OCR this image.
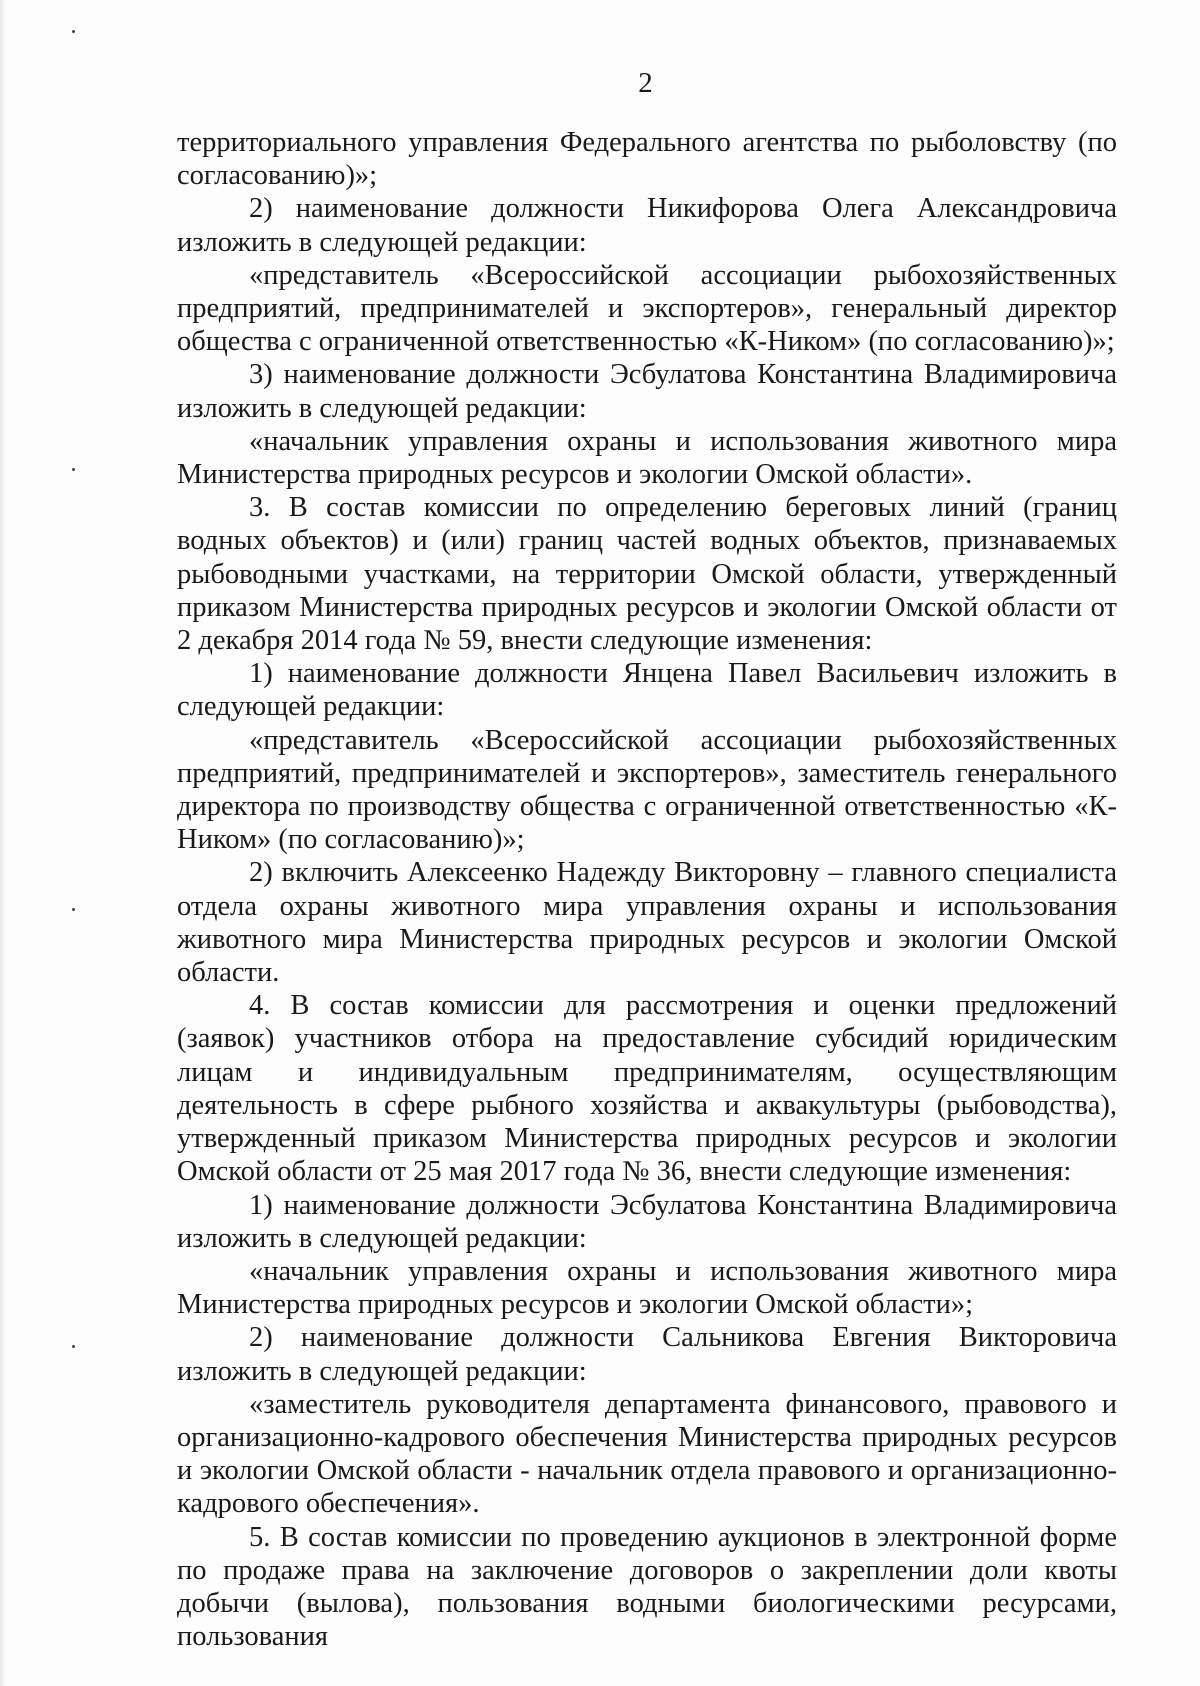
2

территориального управления Федерального агентства по рыболовству (по согласованию)»;

2) наименование должности Никифорова Олега Александровича изложить в следующей редакции:

«представитель «Всероссийской ассоциации рыбохозяйственных предприятий, предпринимателей и экспортеров», генеральный директор общества с ограниченной ответственностью «К-Ником» (по согласованию)»;

3) наименование должности Эсбулатова Константина Владимировича изложить в следующей редакции:

«начальник управления охраны и использования животного мира Министерства природных ресурсов и экологии Омской области».

3. В состав комиссии по определению береговых линий (границ водных объектов) и (или) границ частей водных объектов, признаваемых рыбоводными участками, на территории Омской области, утвержденный приказом Министерства природных ресурсов и экологии Омской области от 2 декабря 2014 года № 59, внести следующие изменения:

1) наименование должности Янцена Павел Васильевич изложить в следующей редакции:

«представитель «Всероссийской ассоциации рыбохозяйственных предприятий, предпринимателей и экспортеров», заместитель генерального директора по производству общества с ограниченной ответственностью «К-Ником» (по согласованию)»;

2) включить Алексеенко Надежду Викторовну – главного специалиста отдела охраны животного мира управления охраны и использования животного мира Министерства природных ресурсов и экологии Омской области.

4. В состав комиссии для рассмотрения и оценки предложений (заявок) участников отбора на предоставление субсидий юридическим лицам и индивидуальным предпринимателям, осуществляющим деятельность в сфере рыбного хозяйства и аквакультуры (рыбоводства), утвержденный приказом Министерства природных ресурсов и экологии Омской области от 25 мая 2017 года № 36, внести следующие изменения:

1) наименование должности Эсбулатова Константина Владимировича изложить в следующей редакции:

«начальник управления охраны и использования животного мира Министерства природных ресурсов и экологии Омской области»;

2) наименование должности Сальникова Евгения Викторовича изложить в следующей редакции:

«заместитель руководителя департамента финансового, правового и организационно-кадрового обеспечения Министерства природных ресурсов и экологии Омской области - начальник отдела правового и организационно-кадрового обеспечения».

5. В состав комиссии по проведению аукционов в электронной форме по продаже права на заключение договоров о закреплении доли квоты добычи (вылова), пользования водными биологическими ресурсами, пользования
